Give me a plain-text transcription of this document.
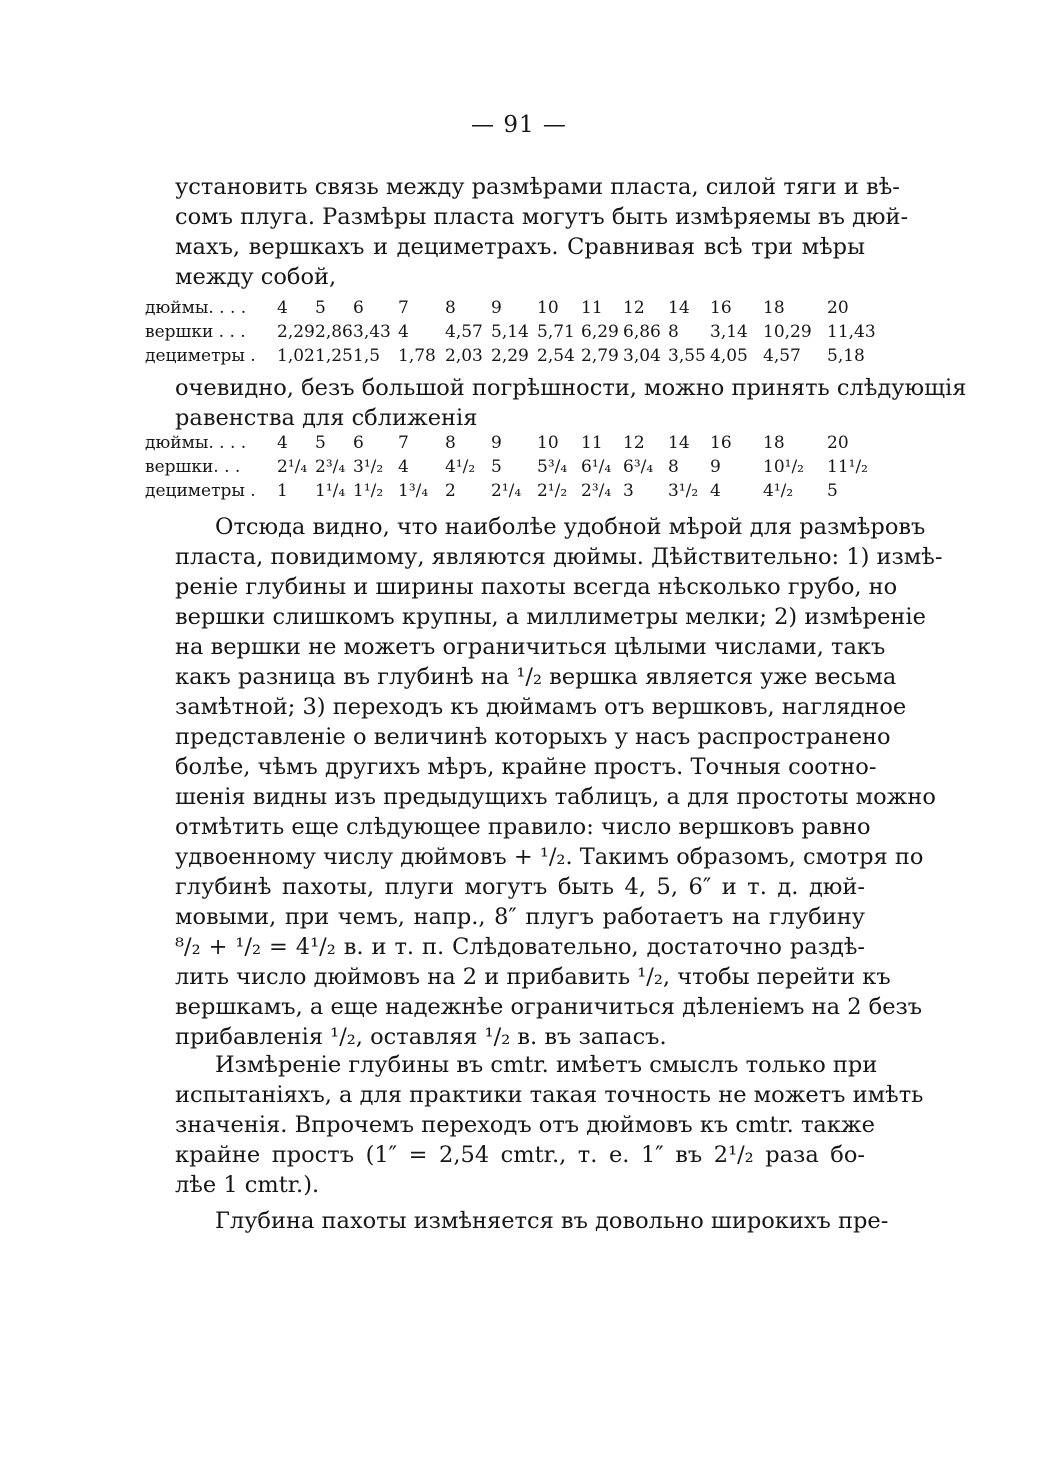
— 91 —
установить связь между размѣрами пласта, силой тяги и вѣ-
сомъ плуга. Размѣры пласта могутъ быть измѣряемы въ дюй-
махъ, вершкахъ и дециметрахъ. Сравнивая всѣ три мѣры
между собой,
дюймы. . . . 4 5 6 7 8 9 10 11 12 14 16 18 20
вершки . . . 2,29 2,86 3,43 4 4,57 5,14 5,71 6,29 6,86 8 3,14 10,29 11,43
дециметры . 1,02 1,25 1,5 1,78 2,03 2,29 2,54 2,79 3,04 3,55 4,05 4,57 5,18
очевидно, безъ большой погрѣшности, можно принять слѣдующія
равенства для сближенія
дюймы. . . . 4 5 6 7 8 9 10 11 12 14 16 18 20
вершки. . . 2¹/₄ 2³/₄ 3¹/₂ 4 4¹/₂ 5 5³/₄ 6¹/₄ 6³/₄ 8 9 10¹/₂ 11¹/₂
дециметры . 1 1¹/₄ 1¹/₂ 1³/₄ 2 2¹/₄ 2¹/₂ 2³/₄ 3 3¹/₂ 4 4¹/₂ 5
Отсюда видно, что наиболѣе удобной мѣрой для размѣровъ
пласта, повидимому, являются дюймы. Дѣйствительно: 1) измѣ-
реніе глубины и ширины пахоты всегда нѣсколько грубо, но
вершки слишкомъ крупны, а миллиметры мелки; 2) измѣреніе
на вершки не можетъ ограничиться цѣлыми числами, такъ
какъ разница въ глубинѣ на ¹/₂ вершка является уже весьма
замѣтной; 3) переходъ къ дюймамъ отъ вершковъ, наглядное
представленіе о величинѣ которыхъ у насъ распространено
болѣе, чѣмъ другихъ мѣръ, крайне простъ. Точныя соотно-
шенія видны изъ предыдущихъ таблицъ, а для простоты можно
отмѣтить еще слѣдующее правило: число вершковъ равно
удвоенному числу дюймовъ + ¹/₂. Такимъ образомъ, смотря по
глубинѣ пахоты, плуги могутъ быть 4, 5, 6″ и т. д. дюй-
мовыми, при чемъ, напр., 8″ плугъ работаетъ на глубину
⁸/₂ + ¹/₂ = 4¹/₂ в. и т. п. Слѣдовательно, достаточно раздѣ-
лить число дюймовъ на 2 и прибавить ¹/₂, чтобы перейти къ
вершкамъ, а еще надежнѣе ограничиться дѣленіемъ на 2 безъ
прибавленія ¹/₂, оставляя ¹/₂ в. въ запасъ.
Измѣреніе глубины въ cmtr. имѣетъ смыслъ только при
испытаніяхъ, а для практики такая точность не можетъ имѣть
значенія. Впрочемъ переходъ отъ дюймовъ къ cmtr. также
крайне простъ (1″ = 2,54 cmtr., т. е. 1″ въ 2¹/₂ раза бо-
лѣе 1 cmtr.).
Глубина пахоты измѣняется въ довольно широкихъ пре-
